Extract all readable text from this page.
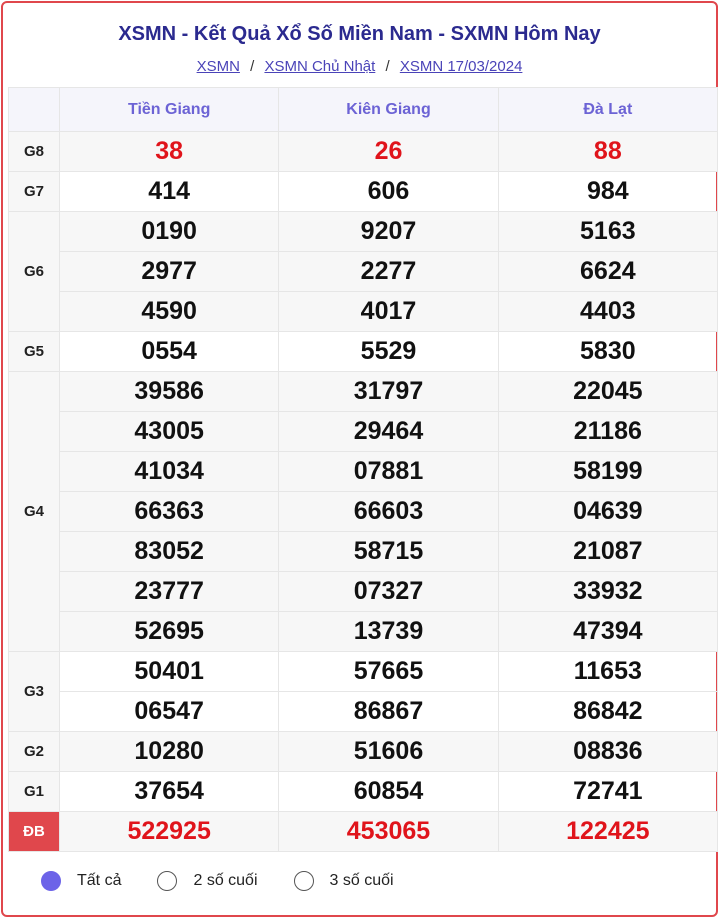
XSMN - Kết Quả Xổ Số Miền Nam - SXMN Hôm Nay
XSMN / XSMN Chủ Nhật / XSMN 17/03/2024
	Tiền Giang	Kiên Giang	Đà Lạt
G8	38	26	88
G7	414	606	984
G6	0190	9207	5163
	2977	2277	6624
	4590	4017	4403
G5	0554	5529	5830
G4	39586	31797	22045
	43005	29464	21186
	41034	07881	58199
	66363	66603	04639
	83052	58715	21087
	23777	07327	33932
	52695	13739	47394
G3	50401	57665	11653
	06547	86867	86842
G2	10280	51606	08836
G1	37654	60854	72741
ĐB	522925	453065	122425
Tất cả	2 số cuối	3 số cuối
